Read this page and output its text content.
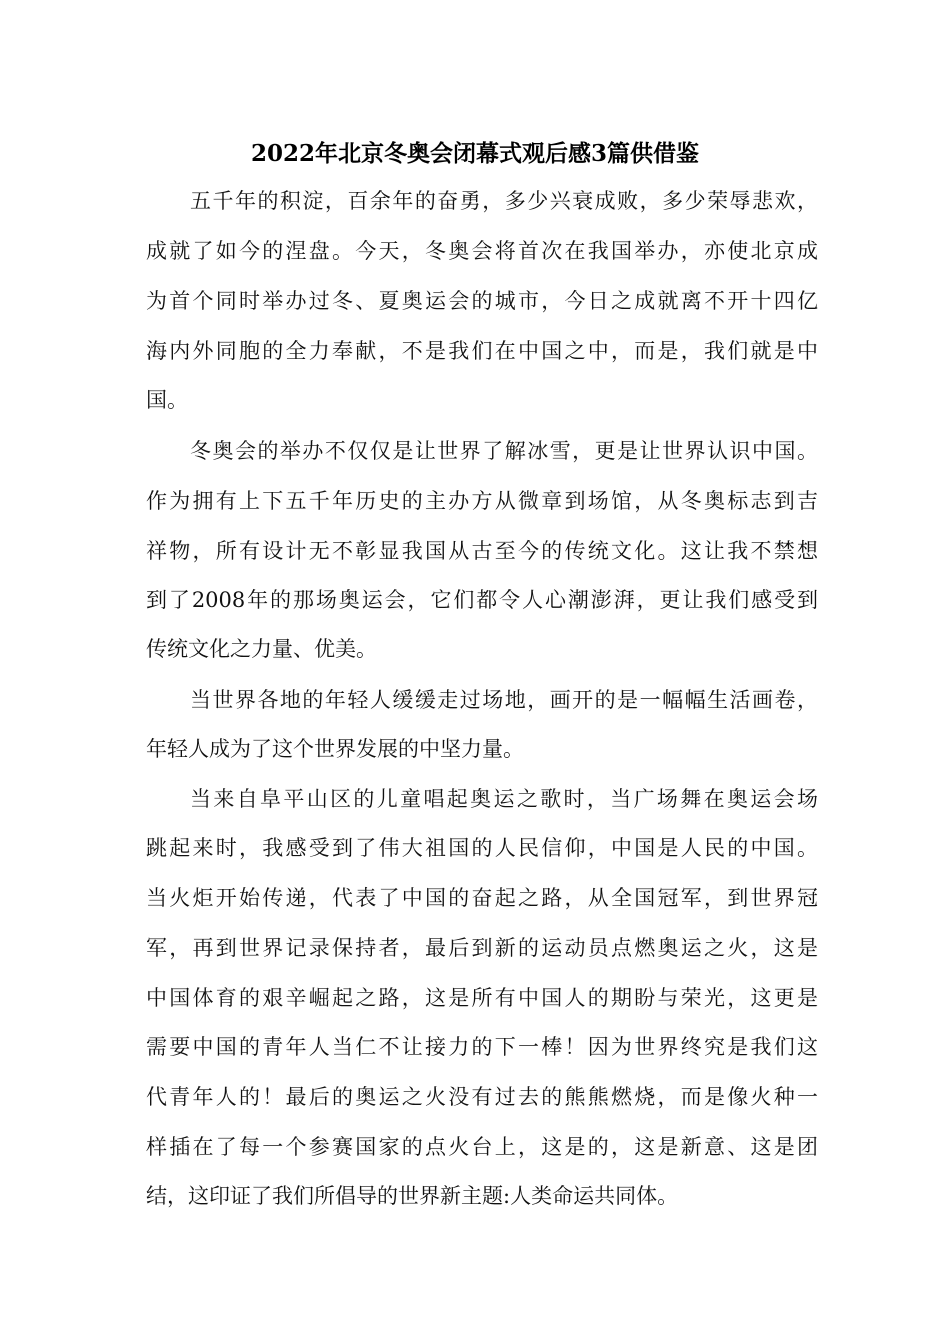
2022年北京冬奥会闭幕式观后感3篇供借鉴

五千年的积淀，百余年的奋勇，多少兴衰成败，多少荣辱悲欢，

成就了如今的涅盘。今天，冬奥会将首次在我国举办，亦使北京成

为首个同时举办过冬、夏奥运会的城市，今日之成就离不开十四亿

海内外同胞的全力奉献，不是我们在中国之中，而是，我们就是中

国。

冬奥会的举办不仅仅是让世界了解冰雪，更是让世界认识中国。

作为拥有上下五千年历史的主办方从微章到场馆，从冬奥标志到吉

祥物，所有设计无不彰显我国从古至今的传统文化。这让我不禁想

到了2008年的那场奥运会，它们都令人心潮澎湃，更让我们感受到

传统文化之力量、优美。

当世界各地的年轻人缓缓走过场地，画开的是一幅幅生活画卷，

年轻人成为了这个世界发展的中坚力量。

当来自阜平山区的儿童唱起奥运之歌时，当广场舞在奥运会场

跳起来时，我感受到了伟大祖国的人民信仰，中国是人民的中国。

当火炬开始传递，代表了中国的奋起之路，从全国冠军，到世界冠

军，再到世界记录保持者，最后到新的运动员点燃奥运之火，这是

中国体育的艰辛崛起之路，这是所有中国人的期盼与荣光，这更是

需要中国的青年人当仁不让接力的下一棒！因为世界终究是我们这

代青年人的！最后的奥运之火没有过去的熊熊燃烧，而是像火种一

样插在了每一个参赛国家的点火台上，这是的，这是新意、这是团

结，这印证了我们所倡导的世界新主题:人类命运共同体。
